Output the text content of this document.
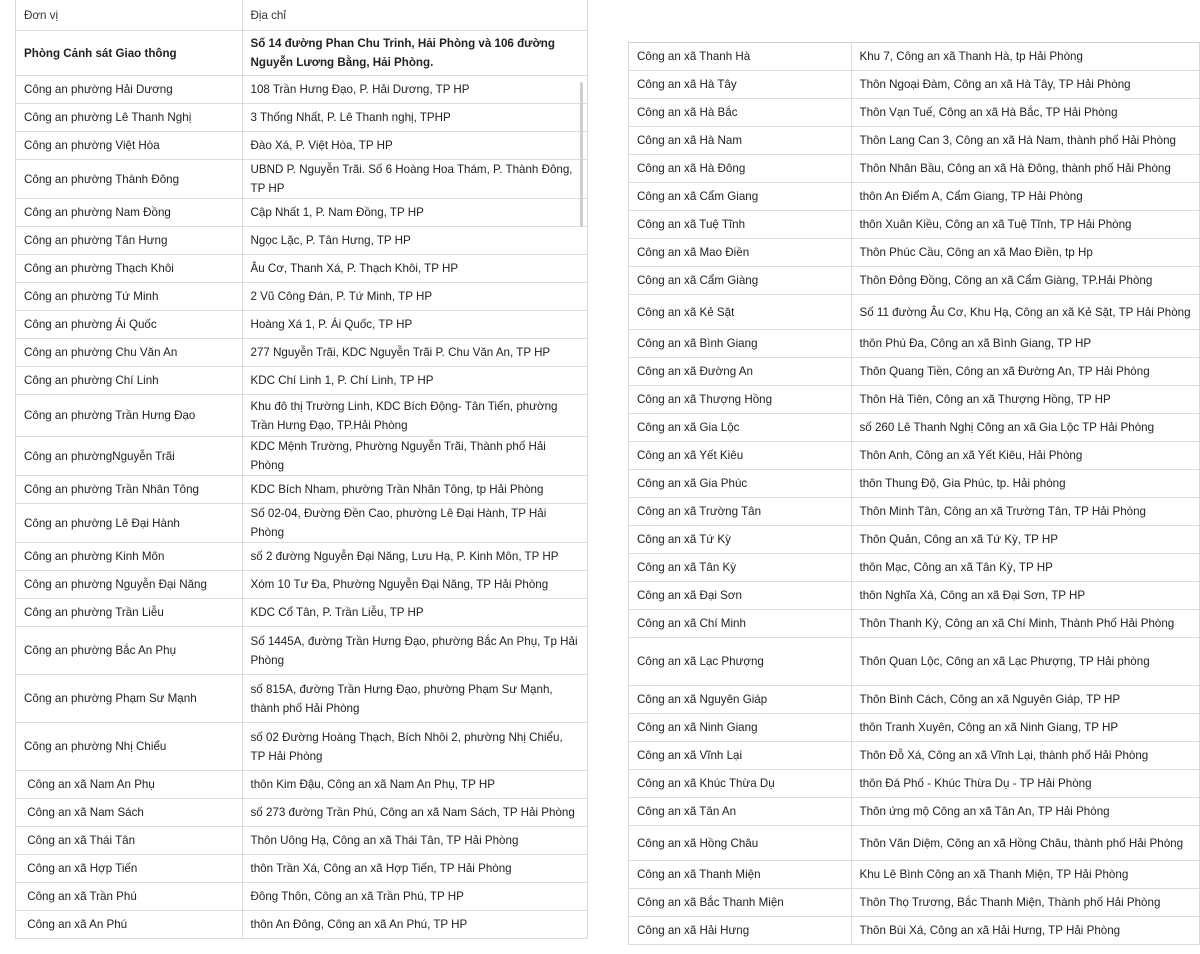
Đơn vị	Địa chỉ
Phòng Cảnh sát Giao thông	Số 14 đường Phan Chu Trinh, Hải Phòng và 106 đường Nguyễn Lương Bằng, Hải Phòng.
Công an phường Hải Dương	108 Trần Hưng Đạo, P. Hải Dương, TP HP
Công an phường Lê Thanh Nghị	3 Thống Nhất, P. Lê Thanh nghị, TPHP
Công an phường Việt Hòa	Đào Xá, P. Việt Hòa, TP HP
Công an phường Thành Đông	UBND P. Nguyễn Trãi. Số 6 Hoàng Hoa Thám, P. Thành Đông, TP HP
Công an phường Nam Đồng	Cập Nhất 1, P. Nam Đồng, TP HP
Công an phường Tân Hưng	Ngọc Lặc, P. Tân Hưng, TP HP
Công an phường Thạch Khôi	Âu Cơ, Thanh Xá, P. Thạch Khôi, TP HP
Công an phường Tứ Minh	2 Vũ Công Đán, P. Tứ Minh, TP HP
Công an phường Ái Quốc	Hoàng Xá 1, P. Ái Quốc, TP HP
Công an phường Chu Văn An	277 Nguyễn Trãi, KDC Nguyễn Trãi P. Chu Văn An, TP HP
Công an phường Chí Linh	KDC Chí Linh 1, P. Chí Linh, TP HP
Công an phường Trần Hưng Đạo	Khu đô thị Trường Linh, KDC Bích Động- Tân Tiến, phường Trần Hưng Đạo, TP.Hải Phòng
Công an phườngNguyễn Trãi	KDC Mệnh Trường, Phường Nguyễn Trãi, Thành phố Hải Phòng
Công an phường Trần Nhân Tông	KDC Bích Nham, phường Trần Nhân Tông, tp Hải Phòng
Công an phường Lê Đại Hành	Số 02-04, Đường Đền Cao, phường Lê Đại Hành, TP Hải Phòng
Công an phường Kinh Môn	số 2 đường Nguyễn Đại Năng, Lưu Hạ, P. Kinh Môn, TP HP
Công an phường Nguyễn Đại Năng	Xóm 10 Tư Đa, Phường Nguyễn Đại Năng, TP Hải Phòng
Công an phường Trần Liễu	KDC Cổ Tân, P. Trần Liễu, TP HP
Công an phường Bắc An Phụ	Số 1445A, đường Trần Hưng Đạo, phường Bắc An Phụ, Tp Hải Phòng
Công an phường Phạm Sư Mạnh	số 815A, đường Trần Hưng Đạo, phường Phạm Sư Mạnh, thành phố Hải Phòng
Công an phường Nhị Chiểu	số 02 Đường Hoàng Thạch, Bích Nhôi 2, phường Nhị Chiểu, TP Hải Phòng
Công an xã Nam An Phụ	thôn Kim Đậu, Công an xã Nam An Phụ, TP HP
Công an xã Nam Sách	số 273 đường Trần Phú, Công an xã Nam Sách, TP Hải Phòng
Công an xã Thái Tân	Thôn Uông Hạ, Công an xã Thái Tân, TP Hải Phòng
Công an xã Hợp Tiến	thôn Trần Xá, Công an xã Hợp Tiến, TP Hải Phòng
Công an xã Trần Phú	Đông Thôn, Công an xã Trần Phú, TP HP
Công an xã An Phú	thôn An Đông, Công an xã An Phú, TP HP
Công an xã Thanh Hà	Khu 7, Công an xã Thanh Hà, tp Hải Phòng
Công an xã Hà Tây	Thôn Ngoại Đàm, Công an xã Hà Tây, TP Hải Phòng
Công an xã Hà Bắc	Thôn Vạn Tuế, Công an xã Hà Bắc, TP Hải Phòng
Công an xã Hà Nam	Thôn Lang Can 3, Công an xã Hà Nam, thành phố Hải Phòng
Công an xã Hà Đông	Thôn Nhân Bầu, Công an xã Hà Đông, thành phố Hải Phòng
Công an xã Cẩm Giang	thôn An Điểm A, Cẩm Giang, TP Hải Phòng
Công an xã Tuệ Tĩnh	thôn Xuân Kiều, Công an xã Tuệ Tĩnh, TP Hải Phòng
Công an xã Mao Điền	Thôn Phúc Cầu, Công an xã Mao Điền, tp Hp
Công an xã Cẩm Giàng	Thôn Đông Đồng, Công an xã Cẩm Giàng, TP.Hải Phòng
Công an xã Kẻ Sặt	Số 11 đường Âu Cơ, Khu Hạ, Công an xã Kẻ Sặt, TP Hải Phòng
Công an xã Bình Giang	thôn Phú Đa, Công an xã Bình Giang, TP HP
Công an xã Đường An	Thôn Quang Tiền, Công an xã Đường An, TP Hải Phòng
Công an xã Thượng Hồng	Thôn Hà Tiên, Công an xã Thượng Hồng, TP HP
Công an xã Gia Lộc	số 260 Lê Thanh Nghị Công an xã Gia Lộc TP Hải Phòng
Công an xã Yết Kiêu	Thôn Anh, Công an xã Yết Kiêu, Hải Phòng
Công an xã Gia Phúc	thôn Thung Độ, Gia Phúc, tp. Hải phòng
Công an xã Trường Tân	Thôn Minh Tân, Công an xã Trường Tân, TP Hải Phòng
Công an xã Tứ Kỳ	Thôn Quản, Công an xã Tứ Kỳ, TP HP
Công an xã Tân Kỳ	thôn Mạc, Công an xã Tân Kỳ, TP HP
Công an xã Đại Sơn	thôn Nghĩa Xá, Công an xã Đại Sơn, TP HP
Công an xã Chí Minh	Thôn Thanh Kỳ, Công an xã Chí Minh, Thành Phố Hải Phòng
Công an xã Lạc Phượng	Thôn Quan Lộc, Công an xã Lạc Phượng, TP Hải phòng
Công an xã Nguyên Giáp	Thôn Bình Cách, Công an xã Nguyên Giáp, TP HP
Công an xã Ninh Giang	thôn Tranh Xuyên, Công an xã Ninh Giang, TP HP
Công an xã Vĩnh Lại	Thôn Đỗ Xá, Công an xã Vĩnh Lại, thành phố Hải Phòng
Công an xã Khúc Thừa Dụ	thôn Đá Phố - Khúc Thừa Dụ - TP Hải Phòng
Công an xã Tân An	Thôn ứng mộ Công an xã Tân An, TP Hải Phòng
Công an xã Hồng Châu	Thôn Văn Diệm, Công an xã Hồng Châu, thành phố Hải Phòng
Công an xã Thanh Miện	Khu Lê Bình Công an xã Thanh Miện, TP Hải Phòng
Công an xã Bắc Thanh Miện	Thôn Thọ Trương, Bắc Thanh Miện, Thành phố Hải Phòng
Công an xã Hải Hưng	Thôn Bùi Xá, Công an xã Hải Hưng, TP Hải Phòng
